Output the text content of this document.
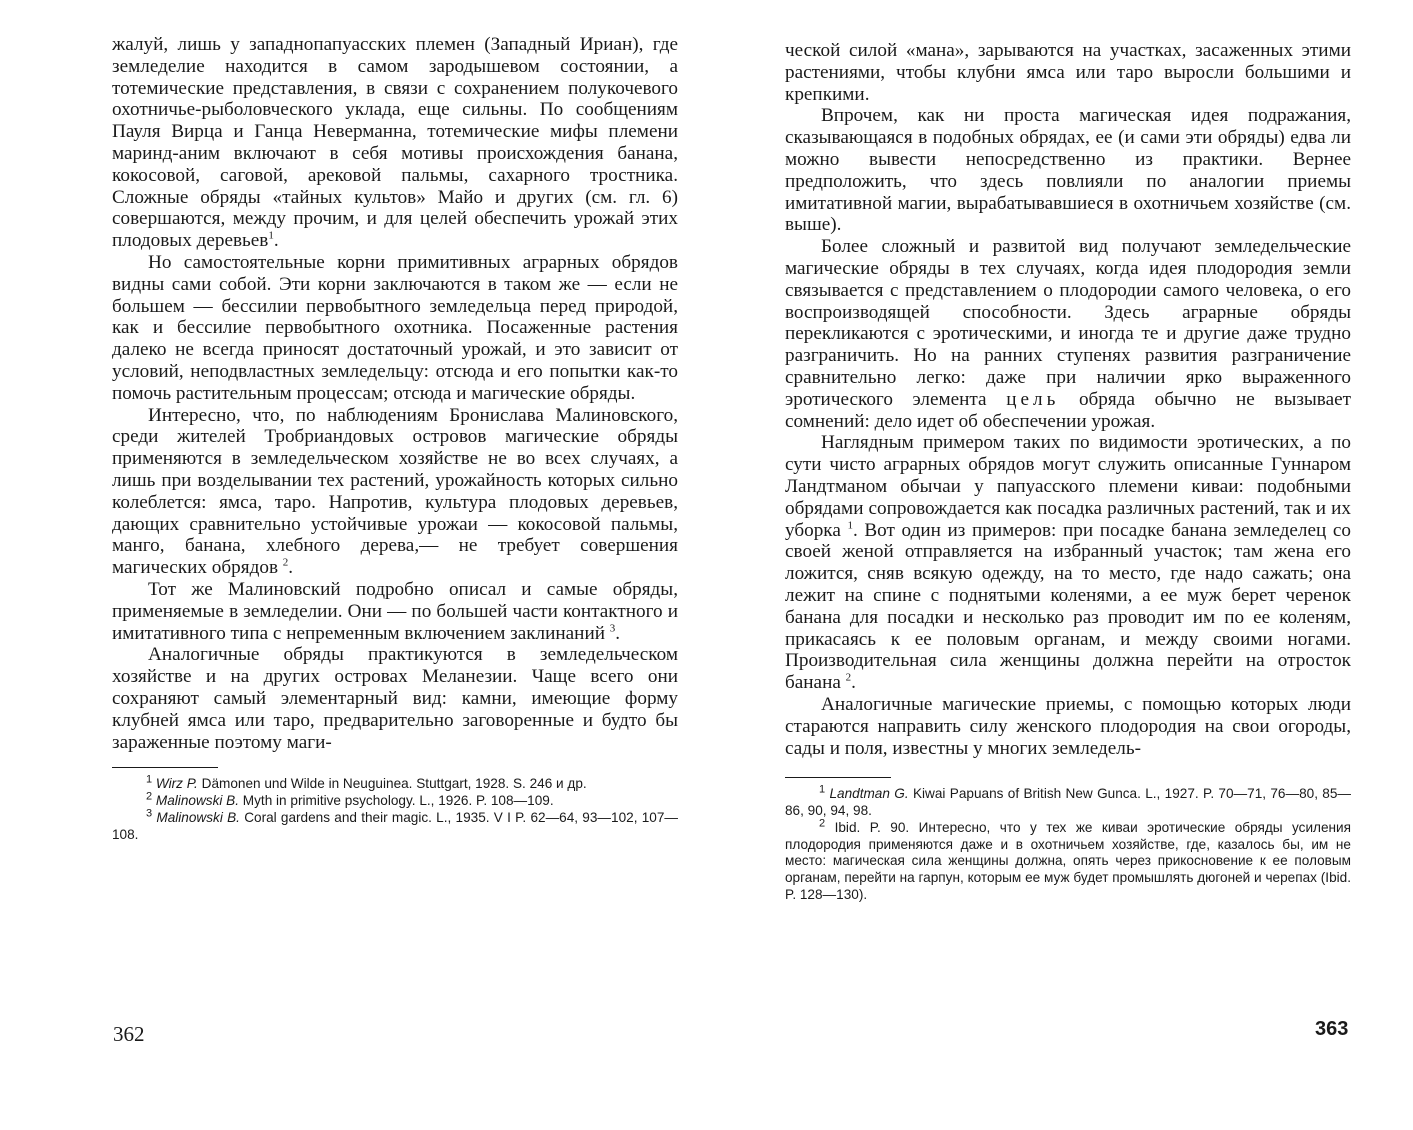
жалуй, лишь у западнопапуасских племен (Западный Ириан), где земледелие находится в самом зародышевом состоянии, а тотемические представления, в связи с сохранением полукочевого охотничье-рыболовческого уклада, еще сильны. По сообщениям Пауля Вирца и Ганца Неверманна, тотемические мифы племени маринд-аним включают в себя мотивы происхождения банана, кокосовой, саговой, арековой пальмы, сахарного тростника. Сложные обряды «тайных культов» Майо и других (см. гл. 6) совершаются, между прочим, и для целей обеспечить урожай этих плодовых деревьев$^1$.

Но самостоятельные корни примитивных аграрных обрядов видны сами собой. Эти корни заключаются в таком же — если не большем — бессилии первобытного земледельца перед природой, как и бессилие первобытного охотника. Посаженные растения далеко не всегда приносят достаточный урожай, и это зависит от условий, неподвластных земледельцу: отсюда и его попытки как-то помочь растительным процессам; отсюда и магические обряды.

Интересно, что, по наблюдениям Бронислава Малиновского, среди жителей Тробриандовых островов магические обряды применяются в земледельческом хозяйстве не во всех случаях, а лишь при возделывании тех растений, урожайность которых сильно колеблется: ямса, таро. Напротив, культура плодовых деревьев, дающих сравнительно устойчивые урожаи — кокосовой пальмы, манго, банана, хлебного дерева,— не требует совершения магических обрядов $^2$.

Тот же Малиновский подробно описал и самые обряды, применяемые в земледелии. Они — по большей части контактного и имитативного типа с непременным включением заклинаний $^3$.

Аналогичные обряды практикуются в земледельческом хозяйстве и на других островах Меланезии. Чаще всего они сохраняют самый элементарный вид: камни, имеющие форму клубней ямса или таро, предварительно заговоренные и будто бы зараженные поэтому маги-

$^1$ Wirz P. Dämonen und Wilde in Neuguinea. Stuttgart, 1928. S. 246 и др.

$^2$ Malinowski B. Myth in primitive psychology. L., 1926. P. 108—109.

$^3$ Malinowski B. Coral gardens and their magic. L., 1935. V I P. 62—64, 93—102, 107—108.

362

ческой силой «мана», зарываются на участках, засаженных этими растениями, чтобы клубни ямса или таро выросли большими и крепкими.

Впрочем, как ни проста магическая идея подражания, сказывающаяся в подобных обрядах, ее (и сами эти обряды) едва ли можно вывести непосредственно из практики. Вернее предположить, что здесь повлияли по аналогии приемы имитативной магии, вырабатывавшиеся в охотничьем хозяйстве (см. выше).

Более сложный и развитой вид получают земледельческие магические обряды в тех случаях, когда идея плодородия земли связывается с представлением о плодородии самого человека, о его воспроизводящей способности. Здесь аграрные обряды перекликаются с эротическими, и иногда те и другие даже трудно разграничить. Но на ранних ступенях развития разграничение сравнительно легко: даже при наличии ярко выраженного эротического элемента цель обряда обычно не вызывает сомнений: дело идет об обеспечении урожая.

Наглядным примером таких по видимости эротических, а по сути чисто аграрных обрядов могут служить описанные Гуннаром Ландтманом обычаи у папуасского племени киваи: подобными обрядами сопровождается как посадка различных растений, так и их уборка $^1$. Вот один из примеров: при посадке банана земледелец со своей женой отправляется на избранный участок; там жена его ложится, сняв всякую одежду, на то место, где надо сажать; она лежит на спине с поднятыми коленями, а ее муж берет черенок банана для посадки и несколько раз проводит им по ее коленям, прикасаясь к ее половым органам, и между своими ногами. Производительная сила женщины должна перейти на отросток банана $^2$.

Аналогичные магические приемы, с помощью которых люди стараются направить силу женского плодородия на свои огороды, сады и поля, известны у многих земледель-

$^1$ Landtman G. Kiwai Papuans of British New Gunca. L., 1927. P. 70—71, 76—80, 85—86, 90, 94, 98.

$^2$ Ibid. P. 90. Интересно, что у тех же киваи эротические обряды усиления плодородия применяются даже и в охотничьем хозяйстве, где, казалось бы, им не место: магическая сила женщины должна, опять через прикосновение к ее половым органам, перейти на гарпун, которым ее муж будет промышлять дюгоней и черепах (Ibid. P. 128—130).

363
